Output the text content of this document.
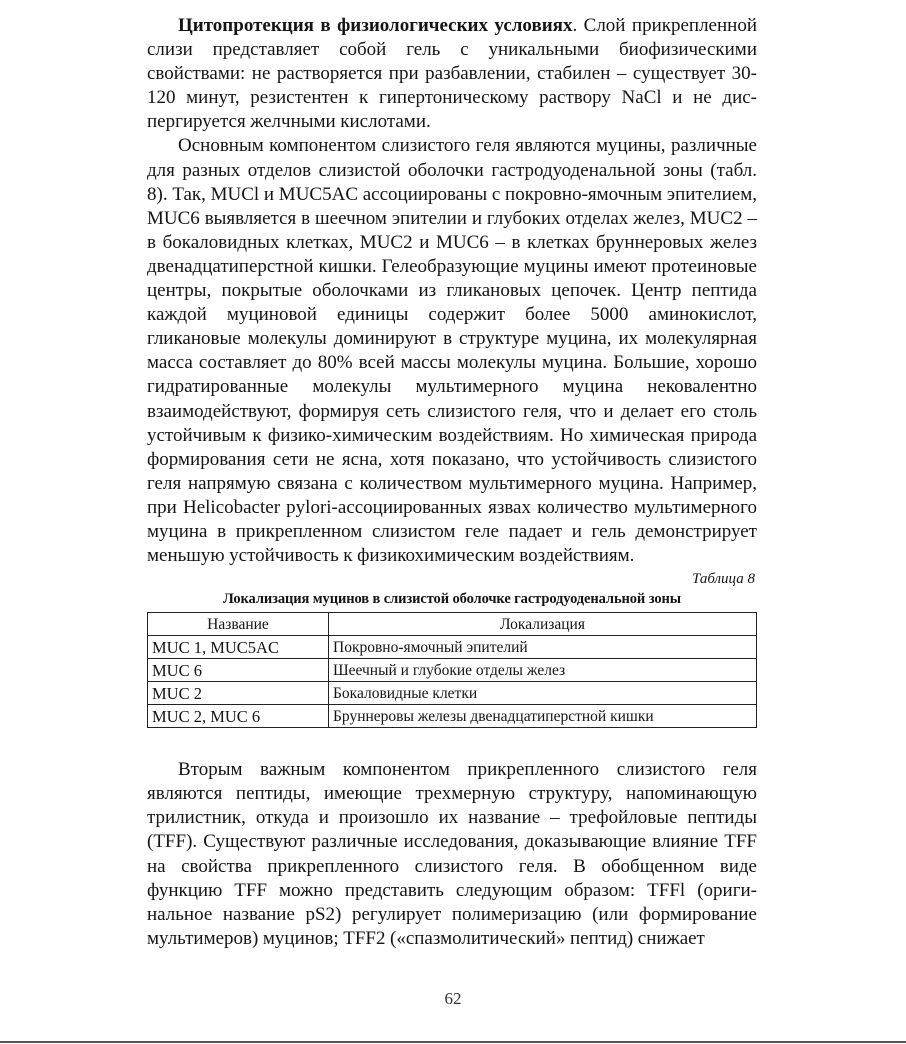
Цитопротекция в физиологических условиях. Слой прикрепленной слизи представляет собой гель с уникальными биофизическими свойствами: не растворяется при разбавлении, стабилен – существует 30-120 минут, резистентен к гипертоническому раствору NaCl и не диспергируется желчными кислотами.

Основным компонентом слизистого геля являются муцины, различные для разных отделов слизистой оболочки гастродуоденальной зоны (табл. 8). Так, MUCl и MUC5AC ассоциированы с покровно-ямочным эпителием, MUC6 выявляется в шеечном эпителии и глубоких отделах желез, MUC2 – в бокаловидных клетках, MUC2 и MUC6 – в клетках бруннеровых желез двенадцатиперстной кишки. Гелеобразующие муцины имеют протеиновые центры, покрытые оболочками из гликановых цепочек. Центр пептида каждой муциновой единицы содержит более 5000 аминокислот, гликановые молекулы доминируют в структуре муцина, их молекулярная масса составляет до 80% всей массы молекулы муцина. Большие, хорошо гидратированные молекулы мультимерного муцина нековалентно взаимодействуют, формируя сеть слизистого геля, что и делает его столь устойчивым к физико-химическим воздействиям. Но химическая природа формирования сети не ясна, хотя показано, что устойчивость слизистого геля напрямую связана с количеством мультимерного муцина. Например, при Helicobacter pylori-ассоциированных язвах количество мультимерного муцина в прикрепленном слизистом геле падает и гель демонстрирует меньшую устойчивость к физикохимическим воздействиям.

Таблица 8
Локализация муцинов в слизистой оболочке гастродуоденальной зоны
Название	Локализация
MUC 1, MUC5AC	Покровно-ямочный эпителий
MUC 6	Шеечный и глубокие отделы желез
MUC 2	Бокаловидные клетки
MUC 2, MUC 6	Бруннеровы железы двенадцатиперстной кишки

Вторым важным компонентом прикрепленного слизистого геля являются пептиды, имеющие трехмерную структуру, напоминающую трилистник, откуда и произошло их название – трефойловые пептиды (TFF). Существуют различные исследования, доказывающие влияние TFF на свойства прикрепленного слизистого геля. В обобщенном виде функцию TFF можно представить следующим образом: TFFl (оригинальное название pS2) регулирует полимеризацию (или формирование мультимеров) муцинов; TFF2 («спазмолитический» пептид) снижает

62
